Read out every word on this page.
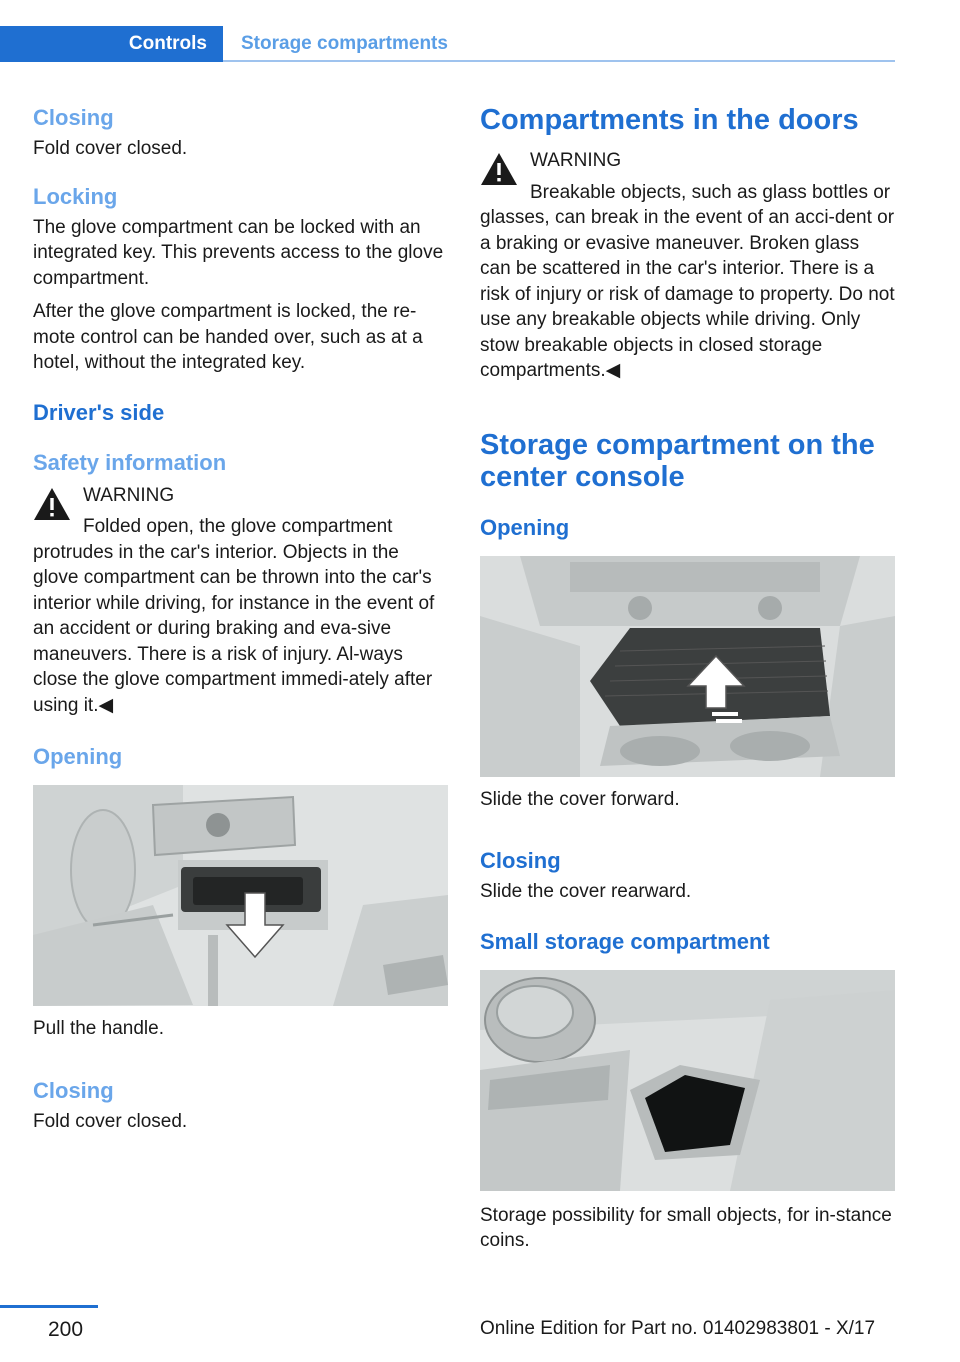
Controls	Storage compartments
Closing
Fold cover closed.
Locking
The glove compartment can be locked with an integrated key. This prevents access to the glove compartment.
After the glove compartment is locked, the re‐mote control can be handed over, such as at a hotel, without the integrated key.
Driver's side
Safety information
WARNING
Folded open, the glove compartment protrudes in the car's interior. Objects in the glove compartment can be thrown into the car's interior while driving, for instance in the event of an accident or during braking and eva‐sive maneuvers. There is a risk of injury. Al‐ways close the glove compartment immedi‐ately after using it.◀
Opening
Pull the handle.
Closing
Fold cover closed.
Compartments in the doors
WARNING
Breakable objects, such as glass bottles or glasses, can break in the event of an acci‐dent or a braking or evasive maneuver. Broken glass can be scattered in the car's interior. There is a risk of injury or risk of damage to property. Do not use any breakable objects while driving. Only stow breakable objects in closed storage compartments.◀
Storage compartment on the center console
Opening
Slide the cover forward.
Closing
Slide the cover rearward.
Small storage compartment
Storage possibility for small objects, for in‐stance coins.
200	Online Edition for Part no. 01402983801 - X/17
